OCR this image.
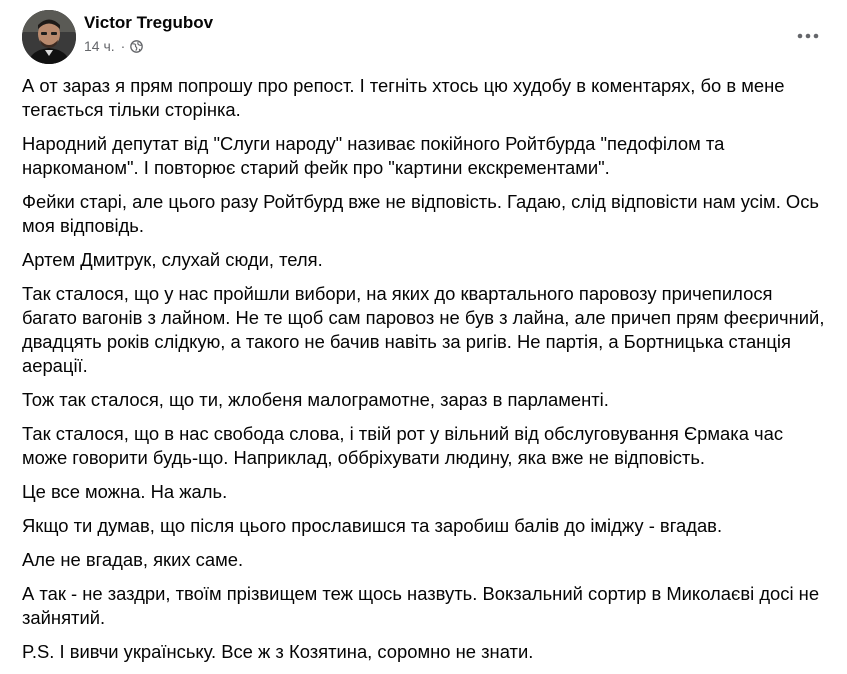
Victor Tregubov
14 ч. ·

А от зараз я прям попрошу про репост. І тегніть хтось цю худобу в коментарях, бо в мене тегається тільки сторінка.

Народний депутат від "Слуги народу" називає покійного Ройтбурда "педофілом та наркоманом". І повторює старий фейк про "картини екскрементами".

Фейки старі, але цього разу Ройтбурд вже не відповість. Гадаю, слід відповісти нам усім. Ось моя відповідь.

Артем Дмитрук, слухай сюди, теля.

Так сталося, що у нас пройшли вибори, на яких до квартального паровозу причепилося багато вагонів з лайном. Не те щоб сам паровоз не був з лайна, але причеп прям феєричний, двадцять років слідкую, а такого не бачив навіть за ригів. Не партія, а Бортницька станція аерації.

Тож так сталося, що ти, жлобеня малограмотне, зараз в парламенті.

Так сталося, що в нас свобода слова, і твій рот у вільний від обслуговування Єрмака час може говорити будь-що. Наприклад, оббріхувати людину, яка вже не відповість.

Це все можна. На жаль.

Якщо ти думав, що після цього прославишся та заробиш балів до іміджу - вгадав.

Але не вгадав, яких саме.

А так - не заздри, твоїм прізвищем теж щось назвуть. Вокзальний сортир в Миколаєві досі не зайнятий.

P.S. І вивчи українську. Все ж з Козятина, соромно не знати.
